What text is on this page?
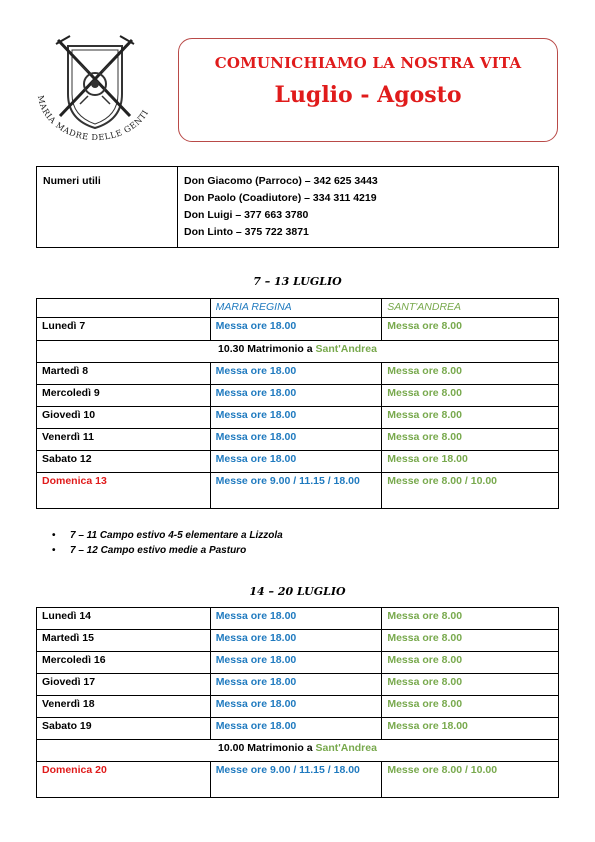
MARIA MADRE DELLE GENTI
COMUNICHIAMO LA NOSTRA VITA
Luglio - Agosto
Numeri utili	Don Giacomo (Parroco) – 342 625 3443
Don Paolo (Coadiutore) – 334 311 4219
Don Luigi – 377 663 3780
Don Linto – 375 722 3871
7 – 13 LUGLIO
	MARIA REGINA	SANT'ANDREA
Lunedì 7	Messa ore 18.00	Messa ore 8.00
10.30 Matrimonio a Sant'Andrea		
Martedì 8	Messa ore 18.00	Messa ore 8.00
Mercoledì 9	Messa ore 18.00	Messa ore 8.00
Giovedì 10	Messa ore 18.00	Messa ore 8.00
Venerdì 11	Messa ore 18.00	Messa ore 8.00
Sabato 12	Messa ore 18.00	Messa ore 18.00
Domenica 13	Messe ore 9.00 / 11.15 / 18.00	Messe ore 8.00 / 10.00
• 7 – 11 Campo estivo 4-5 elementare a Lizzola
• 7 – 12 Campo estivo medie a Pasturo
14 – 20 LUGLIO
Lunedì 14	Messa ore 18.00	Messa ore 8.00
Martedì 15	Messa ore 18.00	Messa ore 8.00
Mercoledì 16	Messa ore 18.00	Messa ore 8.00
Giovedì 17	Messa ore 18.00	Messa ore 8.00
Venerdì 18	Messa ore 18.00	Messa ore 8.00
Sabato 19	Messa ore 18.00	Messa ore 18.00
10.00 Matrimonio a Sant'Andrea		
Domenica 20	Messe ore 9.00 / 11.15 / 18.00	Messe ore 8.00 / 10.00
